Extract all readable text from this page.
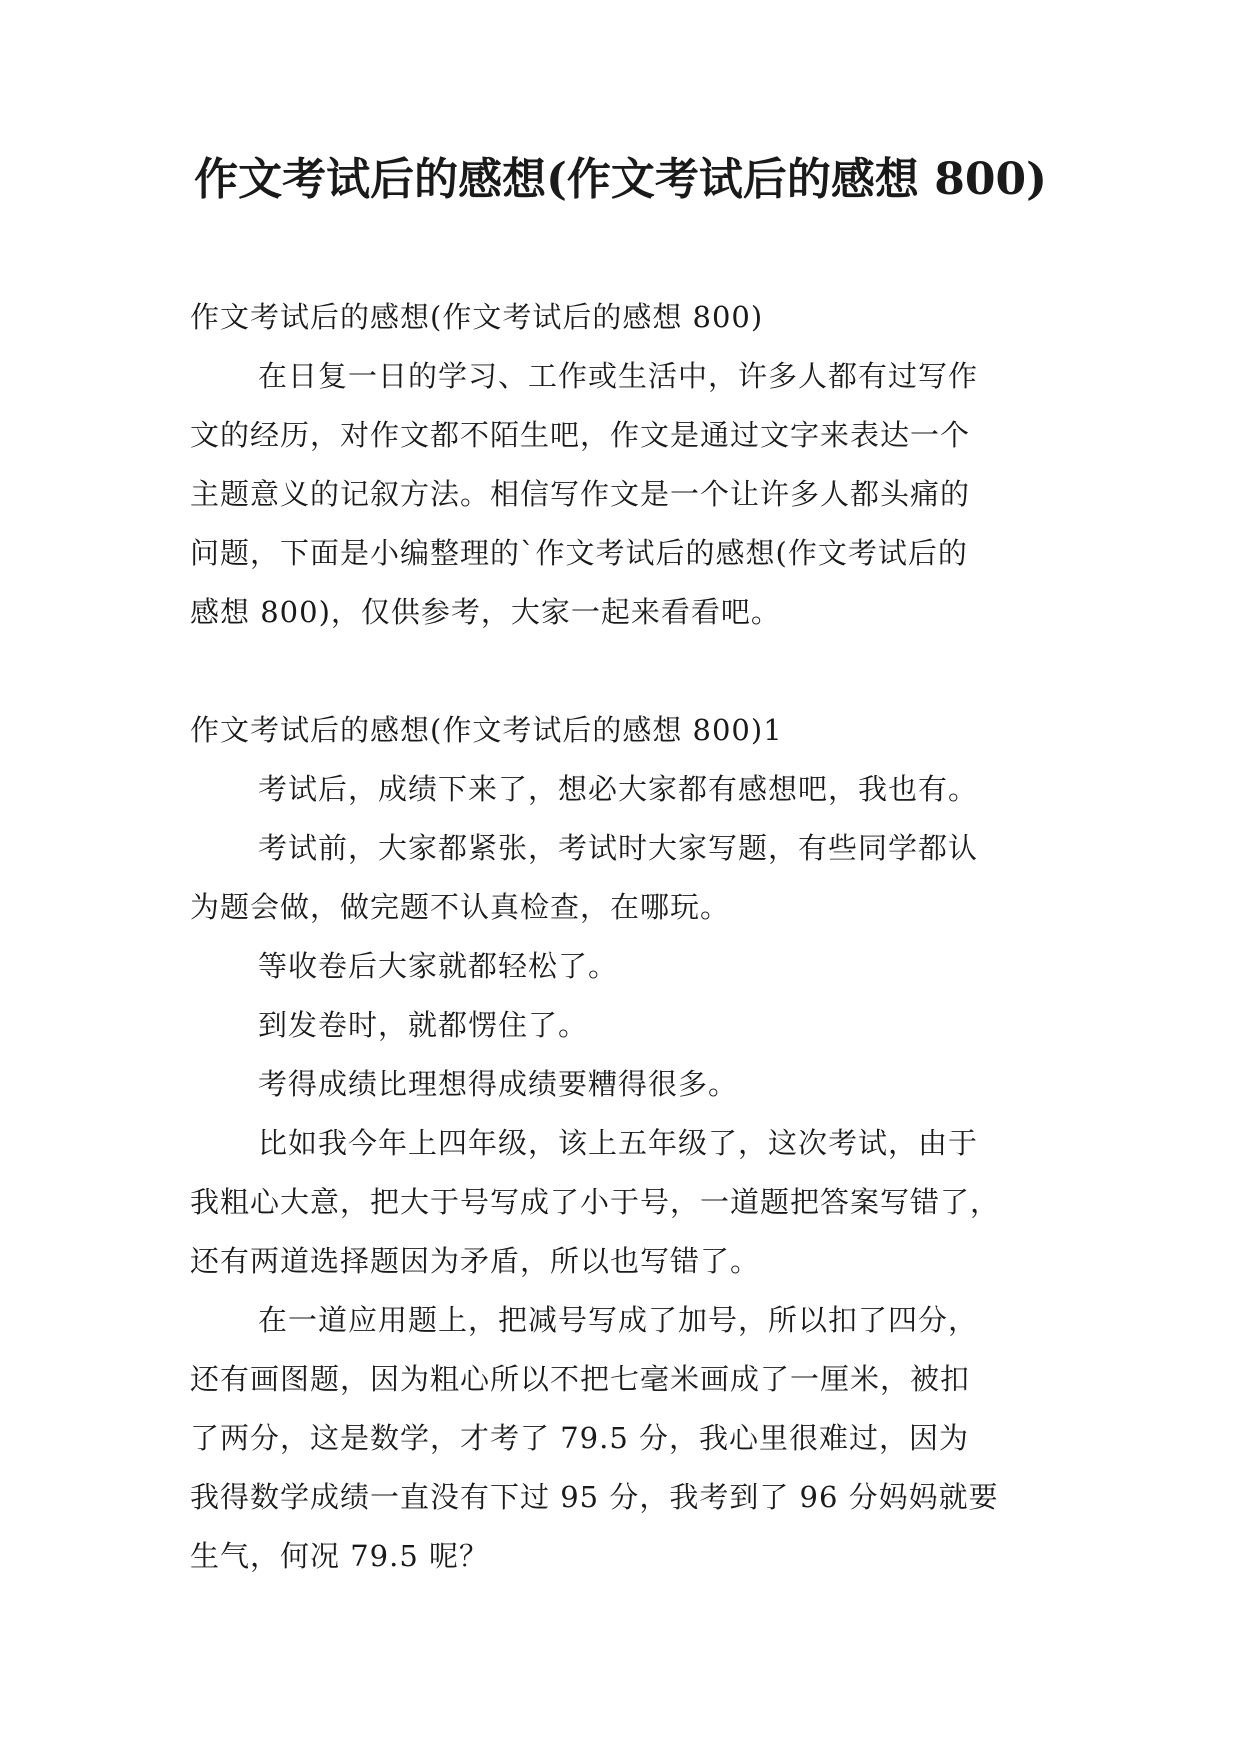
作文考试后的感想(作文考试后的感想 800)
作文考试后的感想(作文考试后的感想 800)
在日复一日的学习、工作或生活中，许多人都有过写作
文的经历，对作文都不陌生吧，作文是通过文字来表达一个
主题意义的记叙方法。相信写作文是一个让许多人都头痛的
问题，下面是小编整理的`作文考试后的感想(作文考试后的
感想 800)，仅供参考，大家一起来看看吧。
作文考试后的感想(作文考试后的感想 800)1
考试后，成绩下来了，想必大家都有感想吧，我也有。
考试前，大家都紧张，考试时大家写题，有些同学都认
为题会做，做完题不认真检查，在哪玩。
等收卷后大家就都轻松了。
到发卷时，就都愣住了。
考得成绩比理想得成绩要糟得很多。
比如我今年上四年级，该上五年级了，这次考试，由于
我粗心大意，把大于号写成了小于号，一道题把答案写错了，
还有两道选择题因为矛盾，所以也写错了。
在一道应用题上，把减号写成了加号，所以扣了四分，
还有画图题，因为粗心所以不把七毫米画成了一厘米，被扣
了两分，这是数学，才考了 79.5 分，我心里很难过，因为
我得数学成绩一直没有下过 95 分，我考到了 96 分妈妈就要
生气，何况 79.5 呢？
